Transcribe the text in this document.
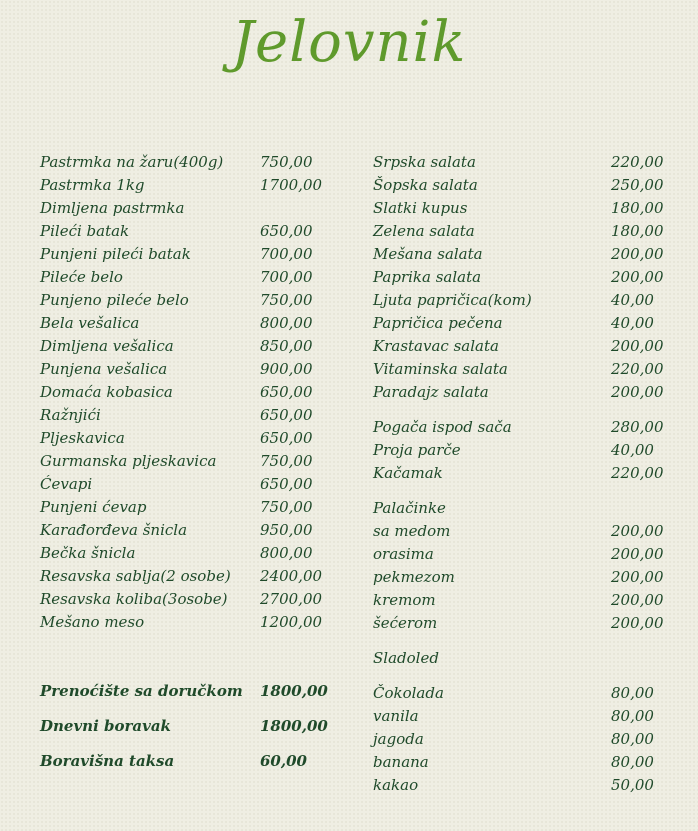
Jelovnik
Pastrmka na žaru(400g) 750,00
Pastrmka 1kg	1700,00
Dimljena pastrmka
Pileći batak	650,00
Punjeni pileći batak	700,00
Pileće belo	700,00
Punjeno pileće belo	750,00
Bela vešalica	800,00
Dimljena vešalica	850,00
Punjena vešalica	900,00
Domaća kobasica	650,00
Ražnjići	650,00
Pljeskavica	650,00
Gurmanska pljeskavica	750,00
Ćevapi	650,00
Punjeni ćevap	750,00
Karađorđeva šnicla	950,00
Bečka šnicla	800,00
Resavska sablja(2 osobe) 2400,00
Resavska koliba(3osobe) 2700,00
Mešano meso	1200,00
Prenoćište sa doručkom 1800,00
Dnevni boravak	1800,00
Boravišna taksa	60,00
Srpska salata	220,00
Šopska salata	250,00
Slatki kupus	180,00
Zelena salata	180,00
Mešana salata	200,00
Paprika salata	200,00
Ljuta papričica(kom)	40,00
Papričica pečena	40,00
Krastavac salata	200,00
Vitaminska salata	220,00
Paradajz salata	200,00
Pogača ispod sača	280,00
Proja parče	40,00
Kačamak	220,00
Palačinke
sa medom	200,00
orasima	200,00
pekmezom	200,00
kremom	200,00
šećerom	200,00
Sladoled
Čokolada	80,00
vanila	80,00
jagoda	80,00
banana	80,00
kakao	50,00
